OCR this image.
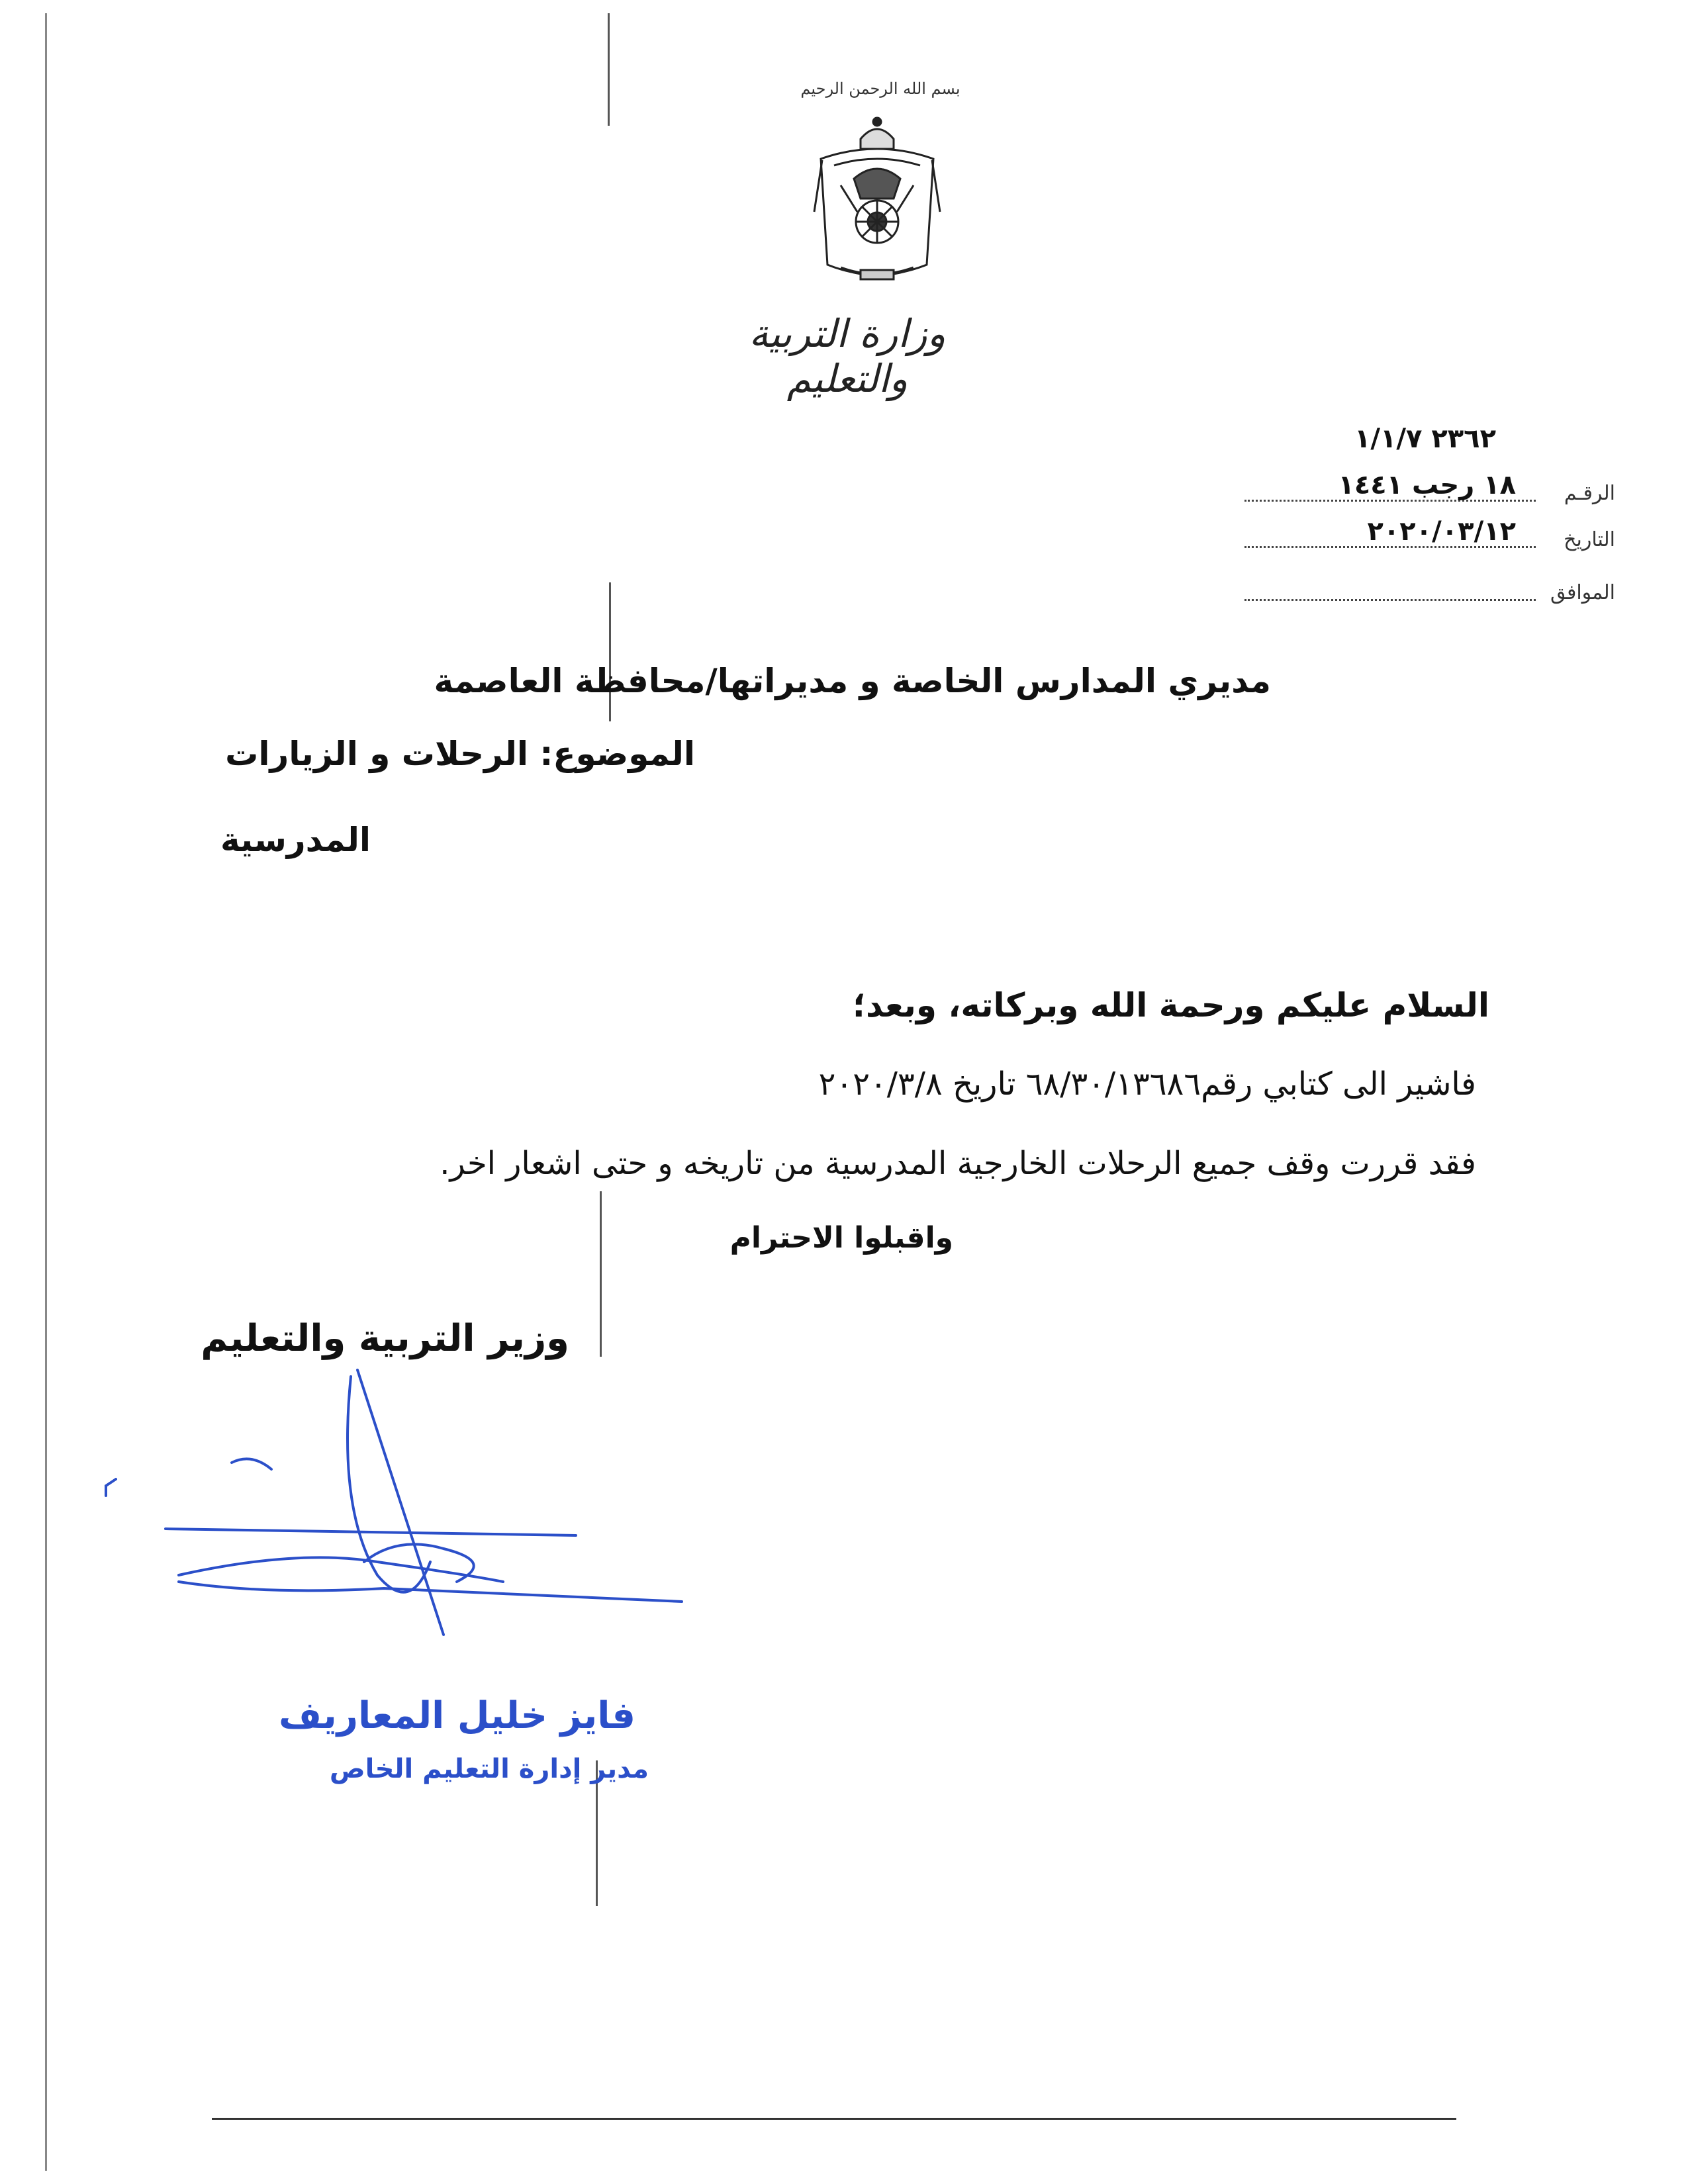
بسم الله الرحمن الرحيم
وزارة التربية والتعليم
٢٣٦٢ ١/١/٧
الرقـم
١٨ رجب ١٤٤١
التاريخ
٢٠٢٠/٠٣/١٢
الموافق
مديري المدارس الخاصة و مديراتها/محافظة العاصمة
الموضوع: الرحلات و الزيارات
المدرسية
السلام عليكم ورحمة الله وبركاته، وبعد؛
فاشير الى كتابي رقم٦٨/٣٠/١٣٦٨٦ تاريخ ٢٠٢٠/٣/٨
فقد قررت وقف جميع الرحلات الخارجية المدرسية من تاريخه و حتى اشعار اخر.
واقبلوا الاحترام
وزير التربية والتعليم
فايز خليل المعاريف
مدير إدارة التعليم الخاص
